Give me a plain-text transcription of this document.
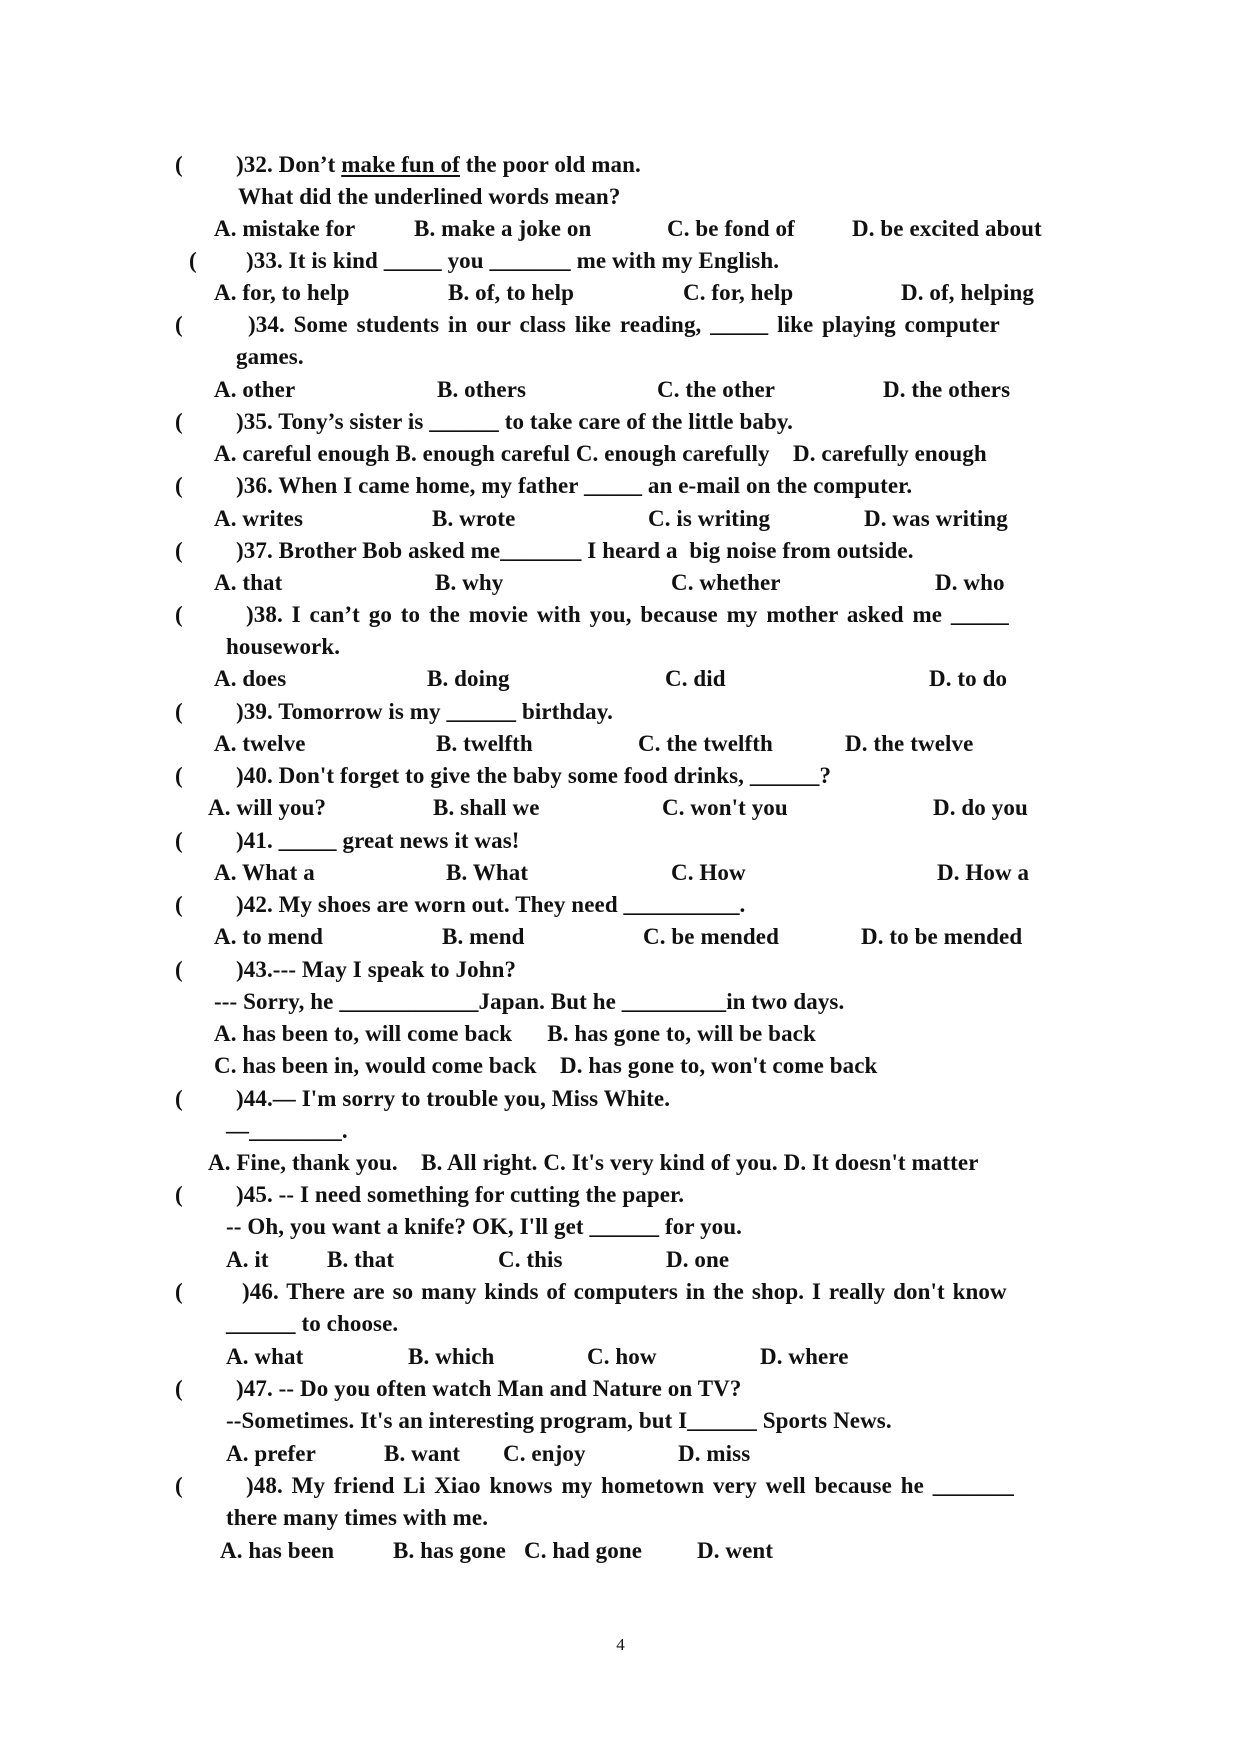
( )32. Don’t make fun of the poor old man.
What did the underlined words mean?
A. mistake for	B. make a joke on	C. be fond of D. be excited about
( )33. It is kind _____ you _______ me with my English.
A. for, to help	B. of, to help	C. for, help	D. of, helping
(	)34. Some students in our class like reading, _____ like playing computer
games.
A. other	B. others	C. the other	D. the others
( )35. Tony’s sister is ______ to take care of the little baby.
A. careful enough B. enough careful C. enough carefully    D. carefully enough
( )36. When I came home, my father _____ an e-mail on the computer.
A. writes	B. wrote	C. is writing	D. was writing
( )37. Brother Bob asked me_______ I heard a  big noise from outside.
A. that	B. why	C. whether	D. who
(	)38. I can’t go to the movie with you, because my mother asked me _____
housework.
A. does	B. doing	C. did	D. to do
( )39. Tomorrow is my ______ birthday.
A. twelve	B. twelfth	C. the twelfth	D. the twelve
( )40. Don't forget to give the baby some food drinks, ______?
A. will you?	B. shall we	C. won't you	D. do you
( )41. _____ great news it was!
A. What a	B. What	C. How	D. How a
( )42. My shoes are worn out. They need __________.
A. to mend	B. mend	C. be mended	D. to be mended
( )43.--- May I speak to John?
--- Sorry, he ____________Japan. But he _________in two days.
A. has been to, will come back      B. has gone to, will be back
C. has been in, would come back    D. has gone to, won't come back
( )44.— I'm sorry to trouble you, Miss White.
—________.
A. Fine, thank you.    B. All right. C. It's very kind of you. D. It doesn't matter
( )45. -- I need something for cutting the paper.
-- Oh, you want a knife? OK, I'll get ______ for you.
A. it	B. that	C. this	D. one
(	)46. There are so many kinds of computers in the shop. I really don't know
______ to choose.
A. what	B. which	C. how	D. where
( )47. -- Do you often watch Man and Nature on TV?
--Sometimes. It's an interesting program, but I______ Sports News.
A. prefer	B. want C. enjoy	D. miss
(	)48. My friend Li Xiao knows my hometown very well because he _______
there many times with me.
A. has been	B. has gone C. had gone D. went
4
